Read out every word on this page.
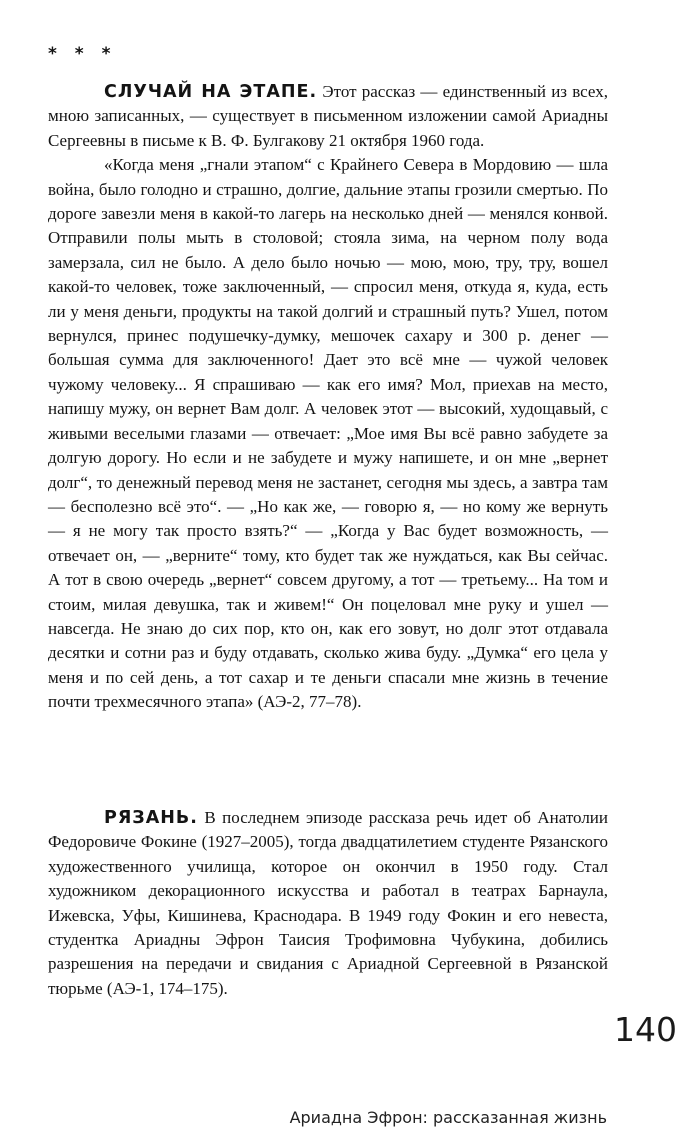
* * *

СЛУЧАЙ НА ЭТАПЕ. Этот рассказ — единственный из всех, мною записанных, — существует в письменном изложении самой Ариадны Сергеевны в письме к В. Ф. Булгакову 21 октября 1960 года.

«Когда меня „гнали этапом“ с Крайнего Севера в Мордовию — шла война, было голодно и страшно, долгие, дальние этапы грозили смертью. По дороге завезли меня в какой-то лагерь на несколько дней — менялся конвой. Отправили полы мыть в столовой; стояла зима, на черном полу вода замерзала, сил не было. А дело было ночью — мою, мою, тру, тру, вошел какой-то человек, тоже заключенный, — спросил меня, откуда я, куда, есть ли у меня деньги, продукты на такой долгий и страшный путь? Ушел, потом вернулся, принес подушечку-думку, мешочек сахару и 300 р. денег — большая сумма для заключенного! Дает это всё мне — чужой человек чужому человеку... Я спрашиваю — как его имя? Мол, приехав на место, напишу мужу, он вернет Вам долг. А человек этот — высокий, худощавый, с живыми веселыми глазами — отвечает: „Мое имя Вы всё равно забудете за долгую дорогу. Но если и не забудете и мужу напишете, и он мне „вернет долг“, то денежный перевод меня не застанет, сегодня мы здесь, а завтра там — бесполезно всё это“. — „Но как же, — говорю я, — но кому же вернуть — я не могу так просто взять?“ — „Когда у Вас будет возможность, — отвечает он, — „верните“ тому, кто будет так же нуждаться, как Вы сейчас. А тот в свою очередь „вернет“ совсем другому, а тот — третьему... На том и стоим, милая девушка, так и живем!“ Он поцеловал мне руку и ушел — навсегда. Не знаю до сих пор, кто он, как его зовут, но долг этот отдавала десятки и сотни раз и буду отдавать, сколько жива буду. „Думка“ его цела у меня и по сей день, а тот сахар и те деньги спасали мне жизнь в течение почти трехмесячного этапа» (АЭ-2, 77–78).

РЯЗАНЬ. В последнем эпизоде рассказа речь идет об Анатолии Федоровиче Фокине (1927–2005), тогда двадцатилетием студенте Рязанского художественного училища, которое он окончил в 1950 году. Стал художником декорационного искусства и работал в театрах Барнаула, Ижевска, Уфы, Кишинева, Краснодара. В 1949 году Фокин и его невеста, студентка Ариадны Эфрон Таисия Трофимовна Чубукина, добились разрешения на передачи и свидания с Ариадной Сергеевной в Рязанской тюрьме (АЭ-1, 174–175).

140
Ариадна Эфрон: рассказанная жизнь
